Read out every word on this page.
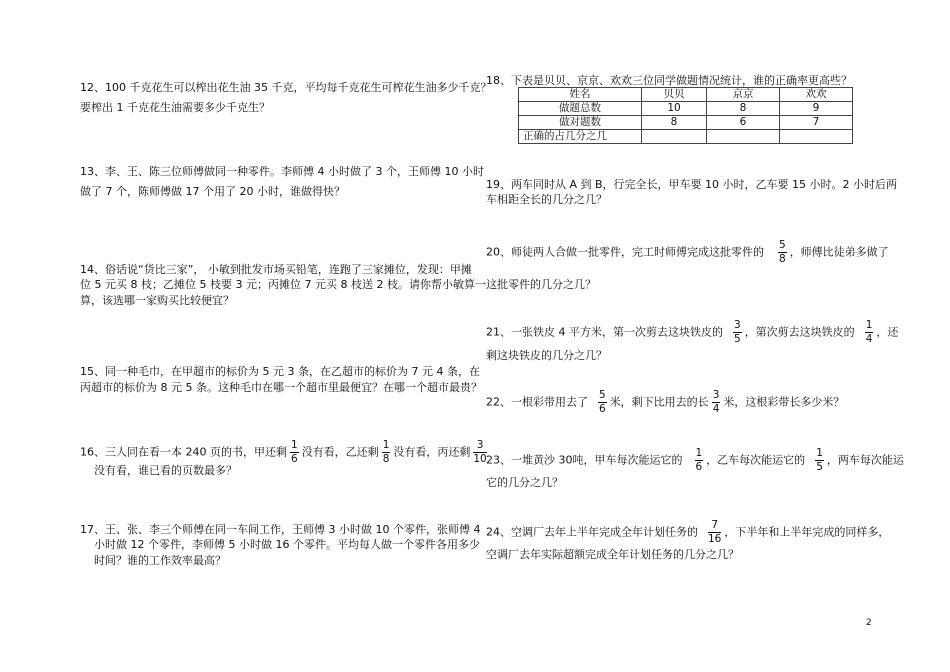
12、100 千克花生可以榨出花生油 35 千克，平均每千克花生可榨花生油多少千克？
要榨出 1 千克花生油需要多少千克生？
13、李、王、陈三位师傅做同一种零件。李师傅 4 小时做了 3 个，王师傅 10 小时
做了 7 个，陈师傅做 17 个用了 20 小时，谁做得快？
14、俗话说“货比三家”， 小敏到批发市场买铅笔，连跑了三家摊位，发现：甲摊
位 5 元买 8 枝；乙摊位 5 枝要 3 元；丙摊位 7 元买 8 枝送 2 枝。请你帮小敏算一
算，该选哪一家购买比较便宜？
15、同一种毛巾，在甲超市的标价为 5 元 3 条，在乙超市的标价为 7 元 4 条，在
丙超市的标价为 8 元 5 条。这种毛巾在哪一个超市里最便宜？在哪一个超市最贵？
16、三人同在看一本 240 页的书，甲还剩 $\frac{1}{6}$ 没有看，乙还剩 $\frac{1}{8}$ 没有看，丙还剩 $\frac{3}{10}$
没有看，谁已看的页数最多？
17、王、张、李三个师傅在同一车间工作，王师傅 3 小时做 10 个零件，张师傅 4
小时做 12 个零件，李师傅 5 小时做 16 个零件。平均每人做一个零件各用多少
时间？谁的工作效率最高？
18、下表是贝贝、京京、欢欢三位同学做题情况统计，谁的正确率更高些？
姓名	贝贝	京京	欢欢
做题总数	10	8	9
做对题数	8	6	7
正确的占几分之几			
19、两车同时从 A 到 B，行完全长，甲车要 10 小时，乙车要 15 小时。2 小时后两
车相距全长的几分之几？
20、师徒两人合做一批零件，完工时师傅完成这批零件的 $\frac{5}{8}$ ，师傅比徒弟多做了
这批零件的几分之几？
21、一张铁皮 4 平方米，第一次剪去这块铁皮的 $\frac{3}{5}$ ，第次剪去这块铁皮的 $\frac{1}{4}$ ，还
剩这块铁皮的几分之几？
22、一根彩带用去了 $\frac{5}{6}$ 米，剩下比用去的长 $\frac{3}{4}$ 米，这根彩带长多少米？
23、一堆黄沙 30吨，甲车每次能运它的 $\frac{1}{6}$ ，乙车每次能运它的 $\frac{1}{5}$ ，两车每次能运
它的几分之几？
24、空调厂去年上半年完成全年计划任务的 $\frac{7}{16}$ ，下半年和上半年完成的同样多，
空调厂去年实际超额完成全年计划任务的几分之几？
2
